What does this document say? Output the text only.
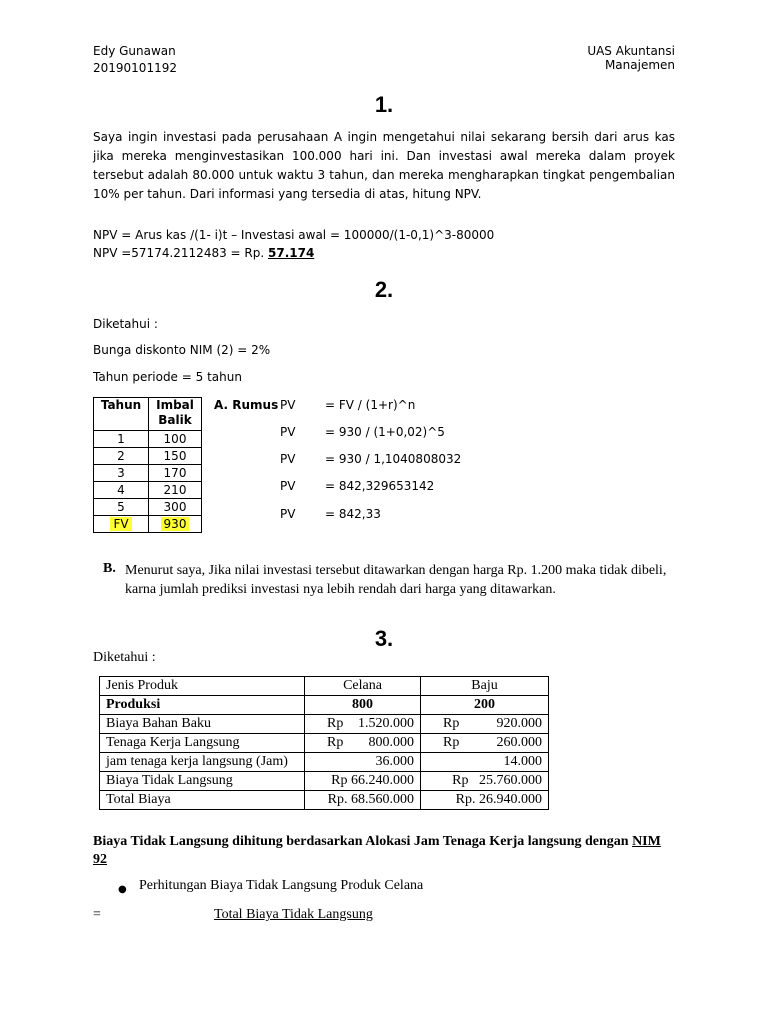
Edy Gunawan
20190101192
UAS Akuntansi Manajemen
1.
Saya ingin investasi pada perusahaan A ingin mengetahui nilai sekarang bersih dari arus kas jika mereka menginvestasikan 100.000 hari ini. Dan investasi awal mereka dalam proyek tersebut adalah 80.000 untuk waktu 3 tahun, dan mereka mengharapkan tingkat pengembalian 10% per tahun. Dari informasi yang tersedia di atas, hitung NPV.
NPV = Arus kas /(1- i)t – Investasi awal = 100000/(1-0,1)^3-80000
NPV =57174.2112483 = Rp. 57.174
2.
Diketahui :
Bunga diskonto NIM (2) = 2%
Tahun periode = 5 tahun
Tahun	Imbal Balik
1	100
2	150
3	170
4	210
5	300
FV	930
A. Rumus PV = FV / (1+r)^n
PV = 930 / (1+0,02)^5
PV = 930 / 1,1040808032
PV = 842,329653142
PV = 842,33
B. Menurut saya, Jika nilai investasi tersebut ditawarkan dengan harga Rp. 1.200 maka tidak dibeli, karna jumlah prediksi investasi nya lebih rendah dari harga yang ditawarkan.
3.
Diketahui :
Jenis Produk	Celana	Baju
Produksi	800	200
Biaya Bahan Baku	Rp 1.520.000	Rp 920.000

Tenaga Kerja Langsung	Rp 800.000	Rp 260.000

jam tenaga kerja langsung (Jam)	36.000	14.000
Biaya Tidak Langsung	Rp 66.240.000	Rp   25.760.000
Total Biaya	Rp. 68.560.000	Rp. 26.940.000
Biaya Tidak Langsung dihitung berdasarkan Alokasi Jam Tenaga Kerja langsung dengan NIM
92
● Perhitungan Biaya Tidak Langsung Produk Celana
=	Total Biaya Tidak Langsung
